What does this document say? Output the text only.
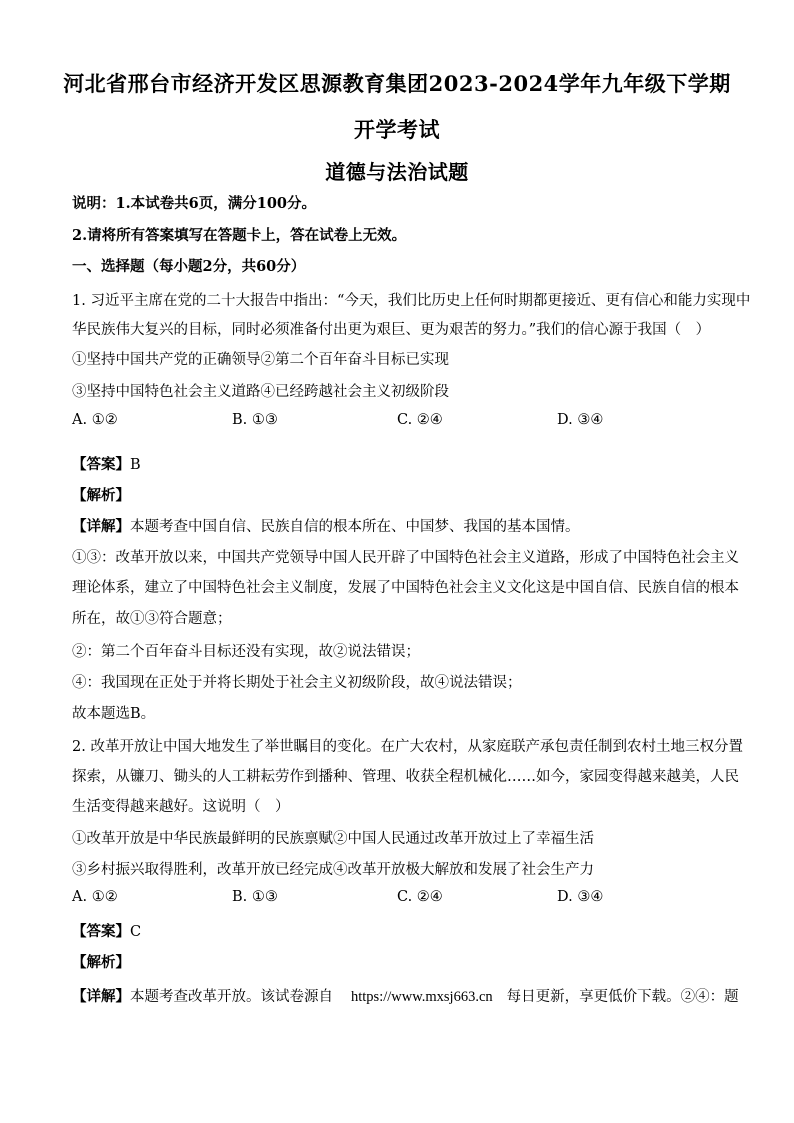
河北省邢台市经济开发区思源教育集团2023-2024学年九年级下学期
开学考试
道德与法治试题
说明：1.本试卷共6页，满分100分。
2.请将所有答案填写在答题卡上，答在试卷上无效。
一、选择题（每小题2分，共60分）
1. 习近平主席在党的二十大报告中指出：“今天，我们比历史上任何时期都更接近、更有信心和能力实现中
华民族伟大复兴的目标，同时必须准备付出更为艰巨、更为艰苦的努力。”我们的信心源于我国（　）
①坚持中国共产党的正确领导②第二个百年奋斗目标已实现
③坚持中国特色社会主义道路④已经跨越社会主义初级阶段
A. ①②	B. ①③	C. ②④	D. ③④
【答案】B
【解析】
【详解】本题考查中国自信、民族自信的根本所在、中国梦、我国的基本国情。
①③：改革开放以来，中国共产党领导中国人民开辟了中国特色社会主义道路，形成了中国特色社会主义
理论体系，建立了中国特色社会主义制度，发展了中国特色社会主义文化这是中国自信、民族自信的根本
所在，故①③符合题意；
②：第二个百年奋斗目标还没有实现，故②说法错误；
④：我国现在正处于并将长期处于社会主义初级阶段，故④说法错误；
故本题选B。
2. 改革开放让中国大地发生了举世瞩目的变化。在广大农村，从家庭联产承包责任制到农村土地三权分置
探索，从镰刀、锄头的人工耕耘劳作到播种、管理、收获全程机械化……如今，家园变得越来越美，人民
生活变得越来越好。这说明（　）
①改革开放是中华民族最鲜明的民族禀赋②中国人民通过改革开放过上了幸福生活
③乡村振兴取得胜利，改革开放已经完成④改革开放极大解放和发展了社会生产力
A. ①②	B. ①③	C. ②④	D. ③④
【答案】C
【解析】
【详解】本题考查改革开放。该试卷源自 https://www.mxsj663.cn 每日更新，享更低价下载。②④：题
